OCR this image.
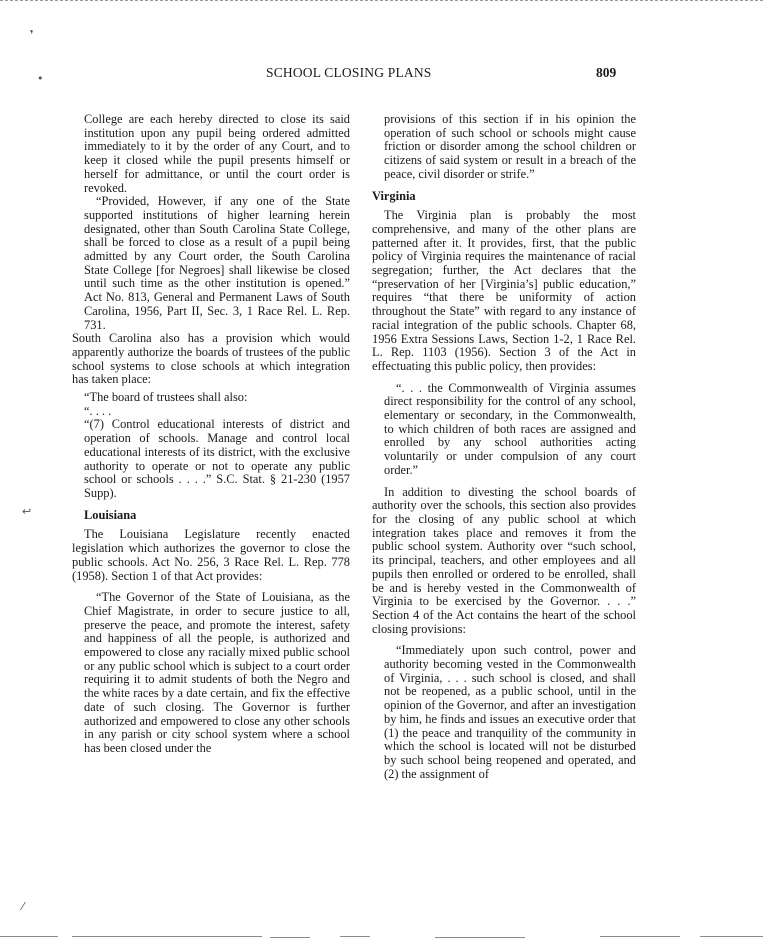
❜
•
↩
⁄
SCHOOL CLOSING PLANS	809

College are each hereby directed to close its said institution upon any pupil being ordered admitted immediately to it by the order of any Court, and to keep it closed while the pupil presents himself or herself for admittance, or until the court order is revoked.

“Provided, However, if any one of the State supported institutions of higher learning herein designated, other than South Carolina State College, shall be forced to close as a result of a pupil being admitted by any Court order, the South Carolina State College [for Negroes] shall likewise be closed until such time as the other institution is opened.” Act No. 813, General and Permanent Laws of South Carolina, 1956, Part II, Sec. 3, 1 Race Rel. L. Rep. 731.

South Carolina also has a provision which would apparently authorize the boards of trustees of the public school systems to close schools at which integration has taken place:

“The board of trustees shall also:

“. . . .

“(7) Control educational interests of district and operation of schools. Manage and control local educational interests of its district, with the exclusive authority to operate or not to operate any public school or schools . . . .” S.C. Stat. § 21-230 (1957 Supp).

Louisiana

The Louisiana Legislature recently enacted legislation which authorizes the governor to close the public schools. Act No. 256, 3 Race Rel. L. Rep. 778 (1958). Section 1 of that Act provides:

“The Governor of the State of Louisiana, as the Chief Magistrate, in order to secure justice to all, preserve the peace, and promote the interest, safety and happiness of all the people, is authorized and empowered to close any racially mixed public school or any public school which is subject to a court order requiring it to admit students of both the Negro and the white races by a date certain, and fix the effective date of such closing. The Governor is further authorized and empowered to close any other schools in any parish or city school system where a school has been closed under the

provisions of this section if in his opinion the operation of such school or schools might cause friction or disorder among the school children or citizens of said system or result in a breach of the peace, civil disorder or strife.”

Virginia

The Virginia plan is probably the most comprehensive, and many of the other plans are patterned after it. It provides, first, that the public policy of Virginia requires the maintenance of racial segregation; further, the Act declares that the “preservation of her [Virginia’s] public education,” requires “that there be uniformity of action throughout the State” with regard to any instance of racial integration of the public schools. Chapter 68, 1956 Extra Sessions Laws, Section 1-2, 1 Race Rel. L. Rep. 1103 (1956). Section 3 of the Act in effectuating this public policy, then provides:

“. . . the Commonwealth of Virginia assumes direct responsibility for the control of any school, elementary or secondary, in the Commonwealth, to which children of both races are assigned and enrolled by any school authorities acting voluntarily or under compulsion of any court order.”

In addition to divesting the school boards of authority over the schools, this section also provides for the closing of any public school at which integration takes place and removes it from the public school system. Authority over “such school, its principal, teachers, and other employees and all pupils then enrolled or ordered to be enrolled, shall be and is hereby vested in the Commonwealth of Virginia to be exercised by the Governor. . . .” Section 4 of the Act contains the heart of the school closing provisions:

“Immediately upon such control, power and authority becoming vested in the Commonwealth of Virginia, . . . such school is closed, and shall not be reopened, as a public school, until in the opinion of the Governor, and after an investigation by him, he finds and issues an executive order that (1) the peace and tranquility of the community in which the school is located will not be disturbed by such school being reopened and operated, and (2) the assignment of
